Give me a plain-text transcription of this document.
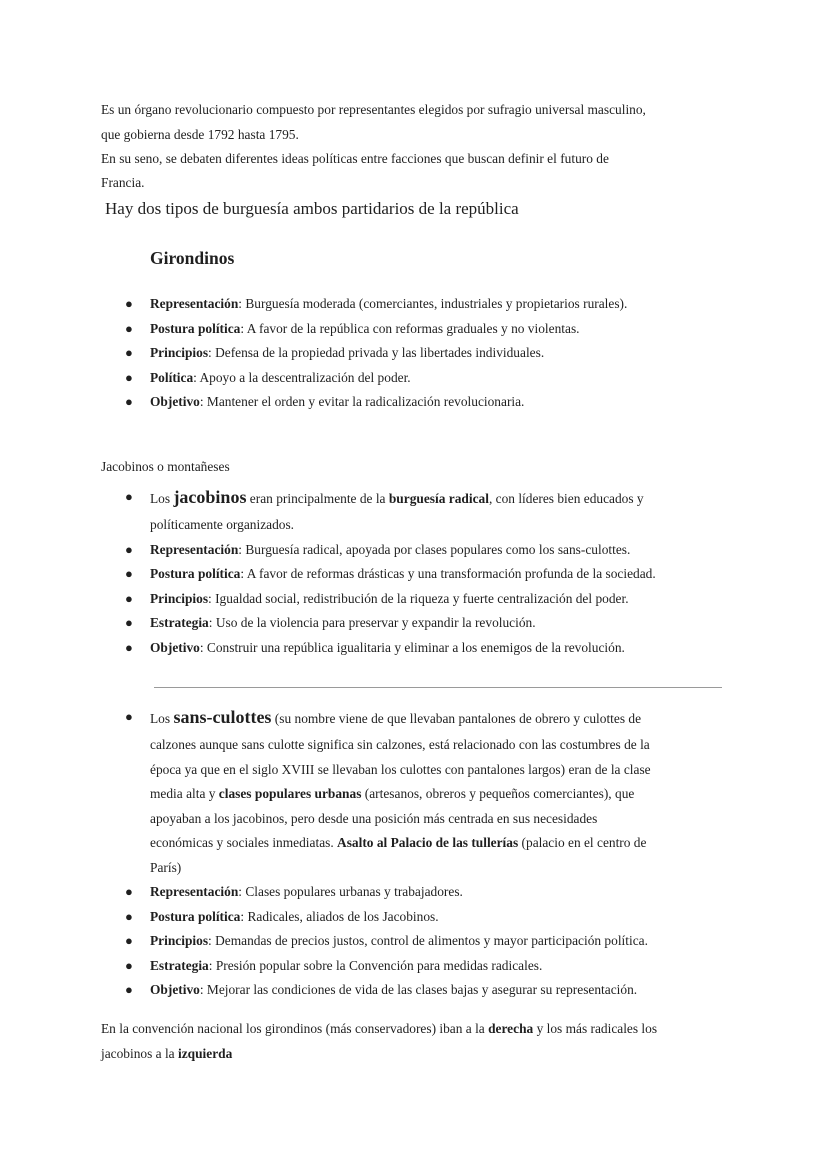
Es un órgano revolucionario compuesto por representantes elegidos por sufragio universal masculino,

que gobierna desde 1792 hasta 1795.

En su seno, se debaten diferentes ideas políticas entre facciones que buscan definir el futuro de

Francia.

Hay dos tipos de burguesía ambos partidarios de la república

Girondinos

● Representación: Burguesía moderada (comerciantes, industriales y propietarios rurales).
● Postura política: A favor de la república con reformas graduales y no violentas.
● Principios: Defensa de la propiedad privada y las libertades individuales.
● Política: Apoyo a la descentralización del poder.
● Objetivo: Mantener el orden y evitar la radicalización revolucionaria.

Jacobinos o montañeses

● Los jacobinos eran principalmente de la burguesía radical, con líderes bien educados y
políticamente organizados.
● Representación: Burguesía radical, apoyada por clases populares como los sans-culottes.
● Postura política: A favor de reformas drásticas y una transformación profunda de la sociedad.
● Principios: Igualdad social, redistribución de la riqueza y fuerte centralización del poder.
● Estrategia: Uso de la violencia para preservar y expandir la revolución.
● Objetivo: Construir una república igualitaria y eliminar a los enemigos de la revolución.
● Los sans-culottes (su nombre viene de que llevaban pantalones de obrero y culottes de
calzones aunque sans culotte significa sin calzones, está relacionado con las costumbres de la
época ya que en el siglo XVIII se llevaban los culottes con pantalones largos) eran de la clase
media alta y clases populares urbanas (artesanos, obreros y pequeños comerciantes), que
apoyaban a los jacobinos, pero desde una posición más centrada en sus necesidades
económicas y sociales inmediatas. Asalto al Palacio de las tullerías (palacio en el centro de
París)
● Representación: Clases populares urbanas y trabajadores.
● Postura política: Radicales, aliados de los Jacobinos.
● Principios: Demandas de precios justos, control de alimentos y mayor participación política.
● Estrategia: Presión popular sobre la Convención para medidas radicales.
● Objetivo: Mejorar las condiciones de vida de las clases bajas y asegurar su representación.

En la convención nacional los girondinos (más conservadores) iban a la derecha y los más radicales los

jacobinos a la izquierda
